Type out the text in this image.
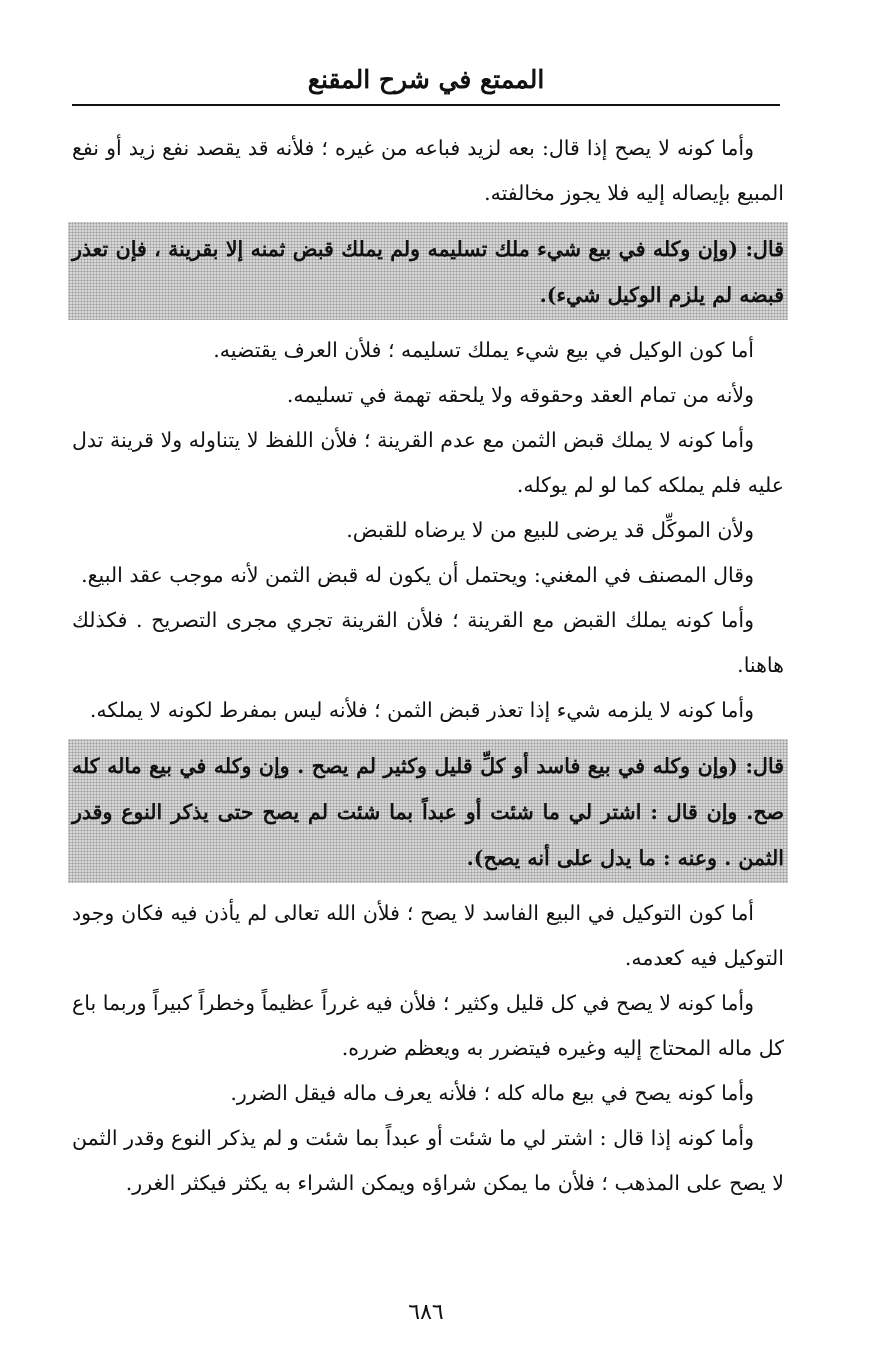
الممتع في شرح المقنع

وأما كونه لا يصح إذا قال: بعه لزيد فباعه من غيره ؛ فلأنه قد يقصد نفع زيد أو نفع المبيع بإيصاله إليه فلا يجوز مخالفته.

قال: (وإن وكله في بيع شيء ملك تسليمه ولم يملك قبض ثمنه إلا بقرينة ، فإن تعذر قبضه لم يلزم الوكيل شيء).

أما كون الوكيل في بيع شيء يملك تسليمه ؛ فلأن العرف يقتضيه.

ولأنه من تمام العقد وحقوقه ولا يلحقه تهمة في تسليمه.

وأما كونه لا يملك قبض الثمن مع عدم القرينة ؛ فلأن اللفظ لا يتناوله ولا قرينة تدل عليه فلم يملكه كما لو لم يوكله.

ولأن الموكِّل قد يرضى للبيع من لا يرضاه للقبض.

وقال المصنف في المغني: ويحتمل أن يكون له قبض الثمن لأنه موجب عقد البيع.

وأما كونه يملك القبض مع القرينة ؛ فلأن القرينة تجري مجرى التصريح . فكذلك هاهنا.

وأما كونه لا يلزمه شيء إذا تعذر قبض الثمن ؛ فلأنه ليس بمفرط لكونه لا يملكه.

قال: (وإن وكله في بيع فاسد أو كلِّ قليل وكثير لم يصح . وإن وكله في بيع ماله كله صح. وإن قال : اشتر لي ما شئت أو عبداً بما شئت لم يصح حتى يذكر النوع وقدر الثمن . وعنه : ما يدل على أنه يصح).

أما كون التوكيل في البيع الفاسد لا يصح ؛ فلأن الله تعالى لم يأذن فيه فكان وجود التوكيل فيه كعدمه.

وأما كونه لا يصح في كل قليل وكثير ؛ فلأن فيه غرراً عظيماً وخطراً كبيراً وربما باع كل ماله المحتاج إليه وغيره فيتضرر به ويعظم ضرره.

وأما كونه يصح في بيع ماله كله ؛ فلأنه يعرف ماله فيقل الضرر.

وأما كونه إذا قال : اشتر لي ما شئت أو عبداً بما شئت و لم يذكر النوع وقدر الثمن لا يصح على المذهب ؛ فلأن ما يمكن شراؤه ويمكن الشراء به يكثر فيكثر الغرر.

٦٨٦
